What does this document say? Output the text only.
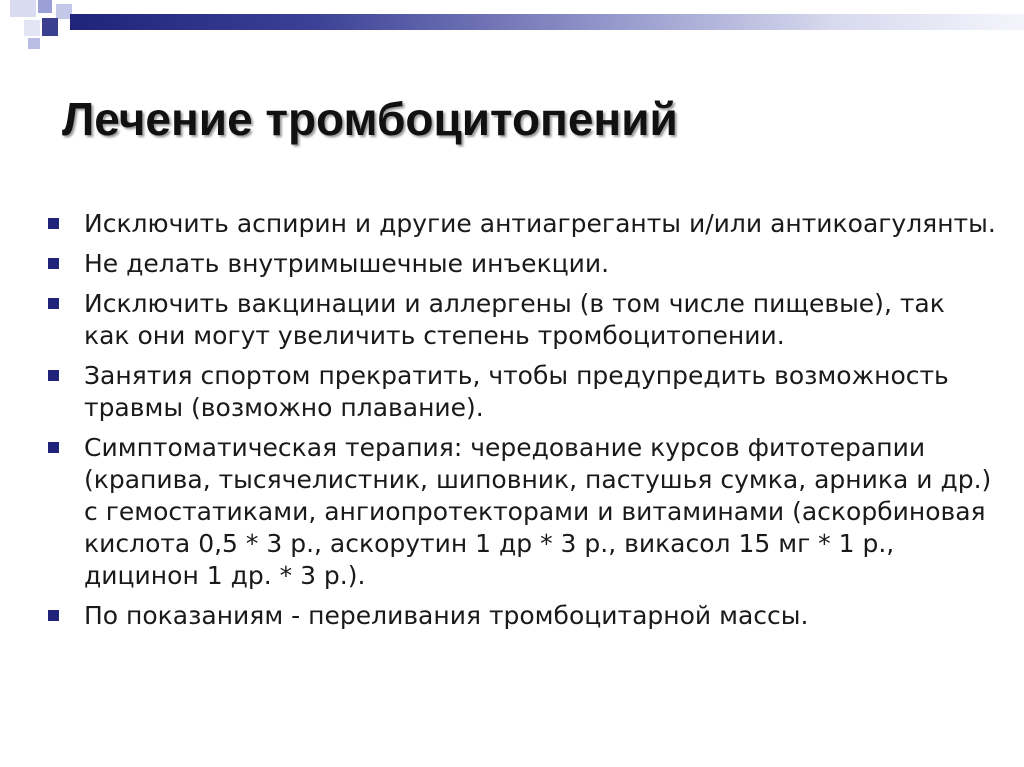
Лечение тромбоцитопений
Исключить аспирин и другие антиагреганты и/или антикоагулянты.
Не делать внутримышечные инъекции.
Исключить вакцинации и аллергены (в том числе пищевые), так как они могут увеличить степень тромбоцитопении.
Занятия спортом прекратить, чтобы предупредить возможность травмы (возможно плавание).
Симптоматическая терапия: чередование курсов фитотерапии (крапива, тысячелистник, шиповник, пастушья сумка, арника и др.) с гемостатиками, ангиопротекторами и витаминами (аскорбиновая кислота 0,5 * 3 р., аскорутин 1 др * 3 р., викасол 15 мг * 1 р., дицинон 1 др. * 3 р.).
По показаниям - переливания тромбоцитарной массы.
